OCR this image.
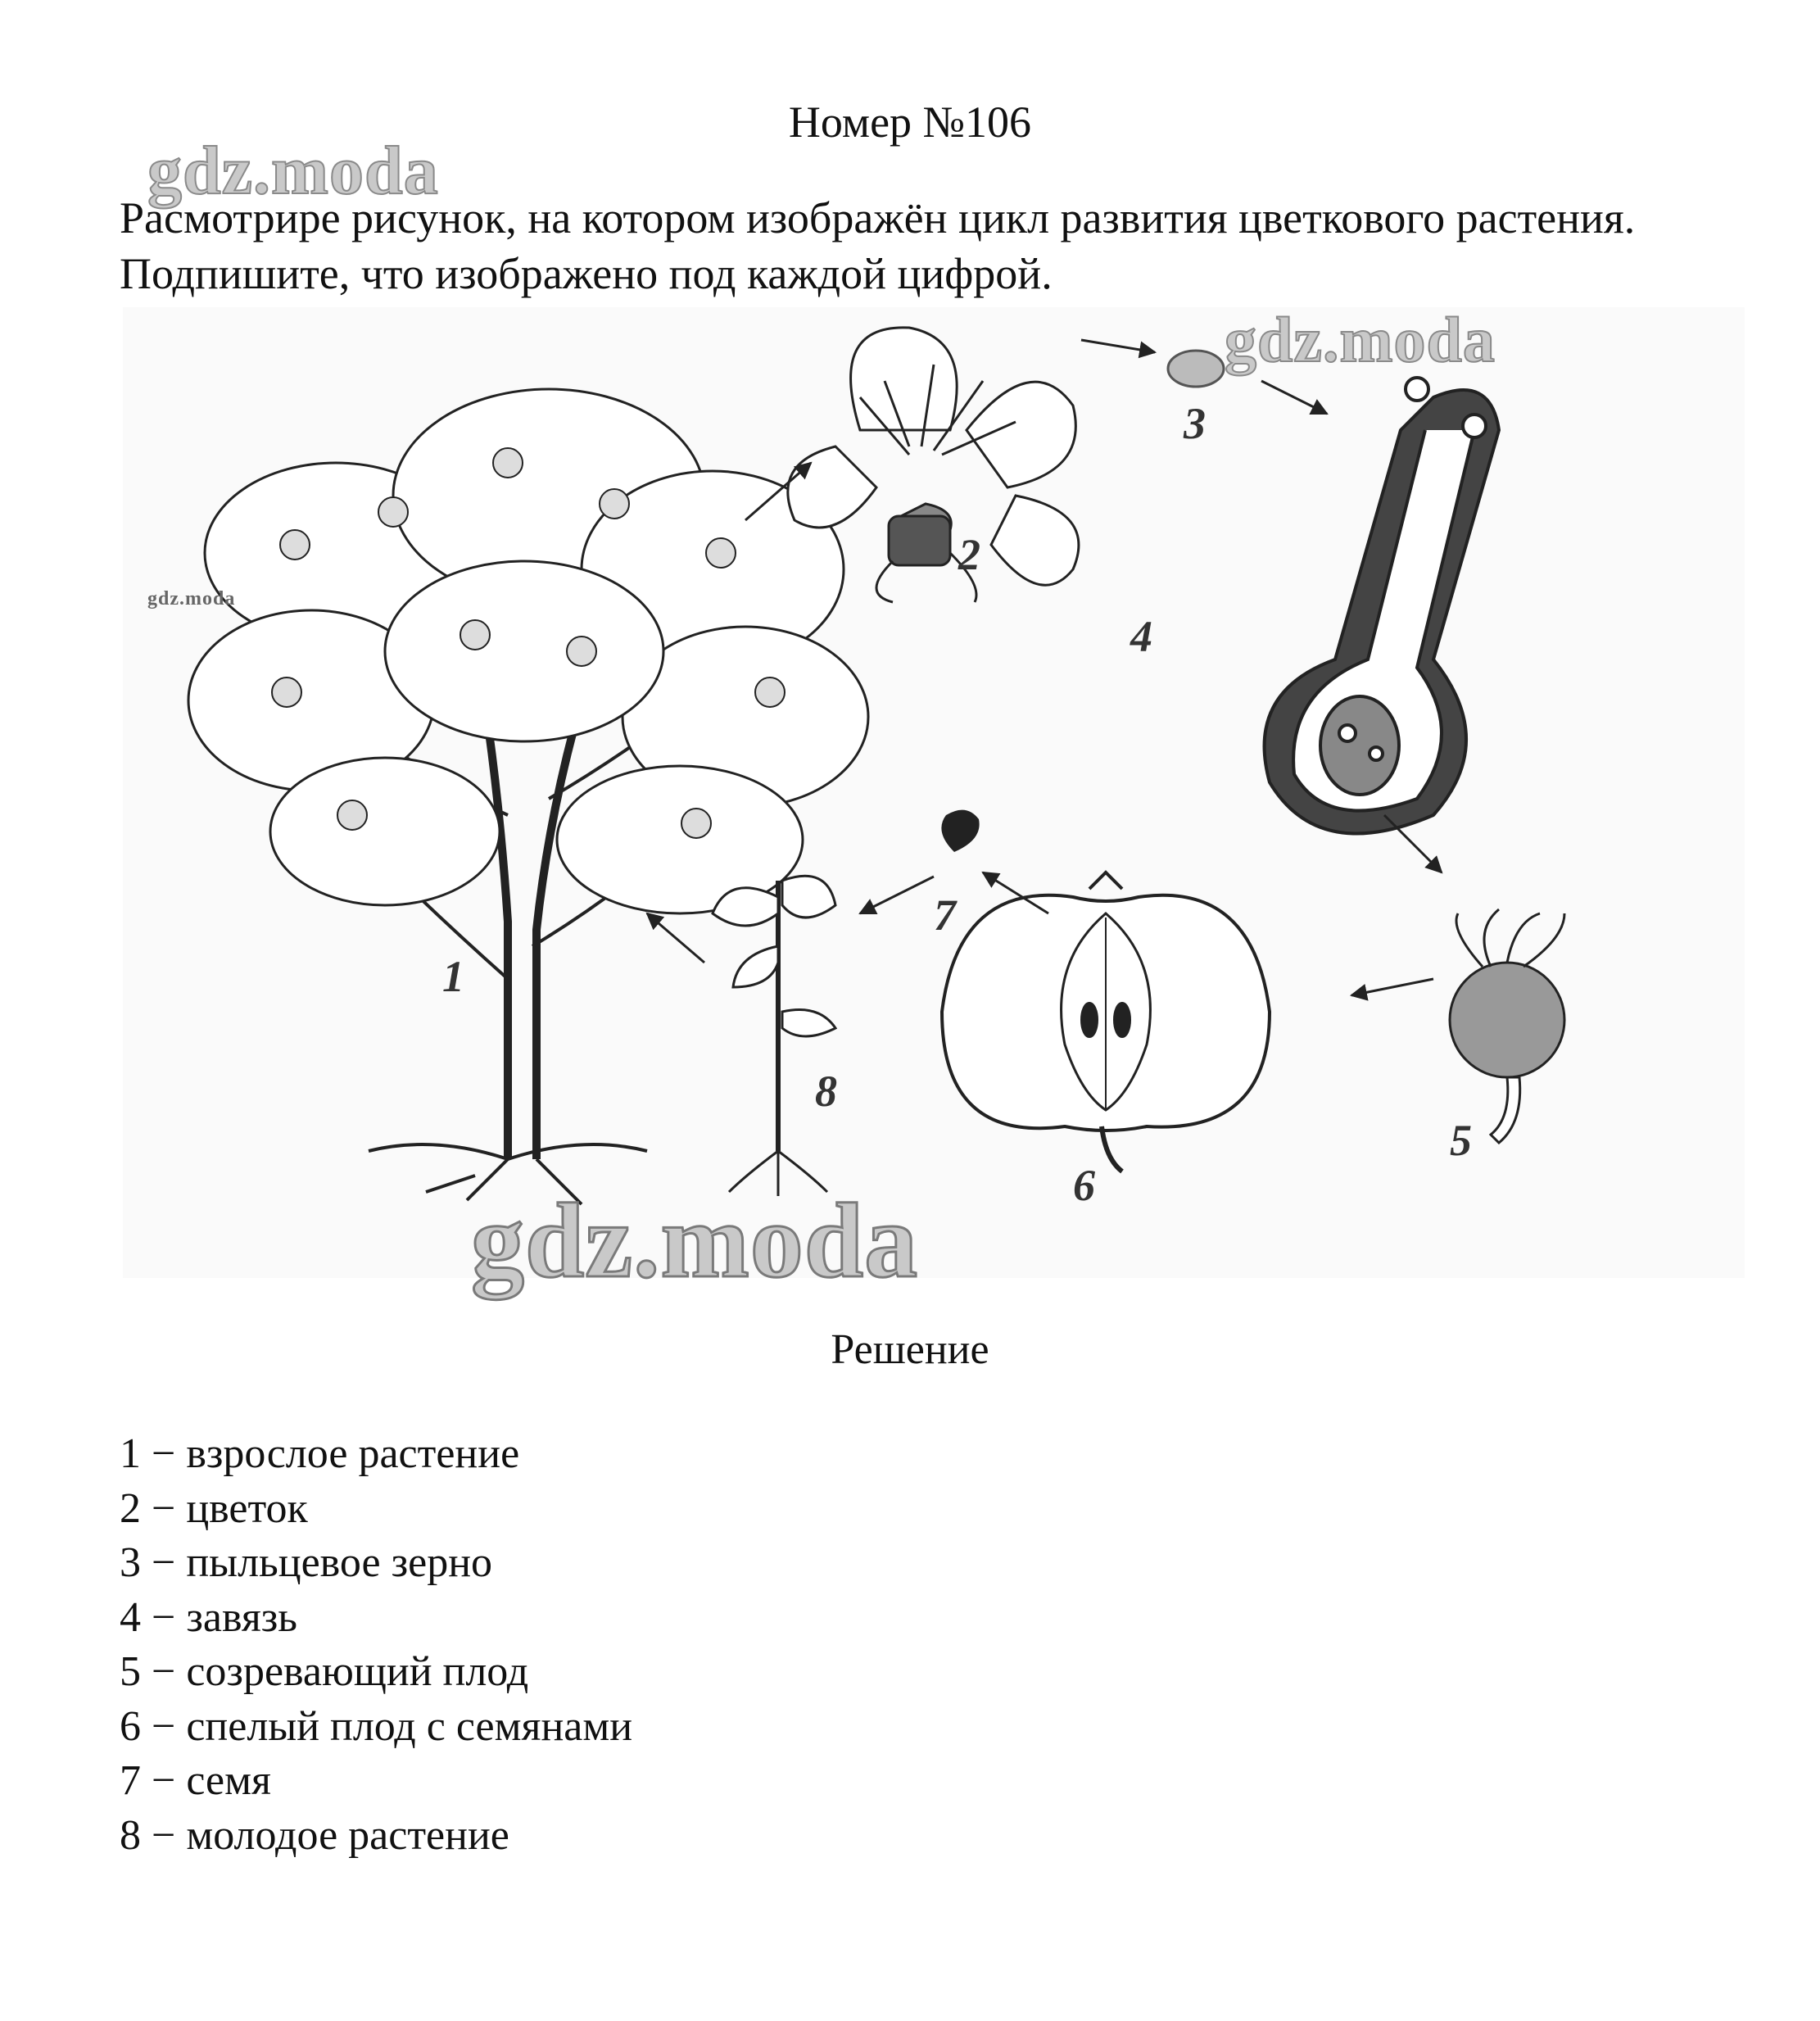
Номер №106
gdz.moda
Расмотрире рисунок, на котором изображён цикл развития цветкового растения. Подпишите, что изображено под каждой цифрой.
1
2
3
4
5
6
7
8
gdz.moda
gdz.moda
gdz.moda
Решение
1 − взрослое растение
2 − цветок
3 − пыльцевое зерно
4 − завязь
5 − созревающий плод
6 − спелый плод с семянами
7 − семя
8 − молодое растение
